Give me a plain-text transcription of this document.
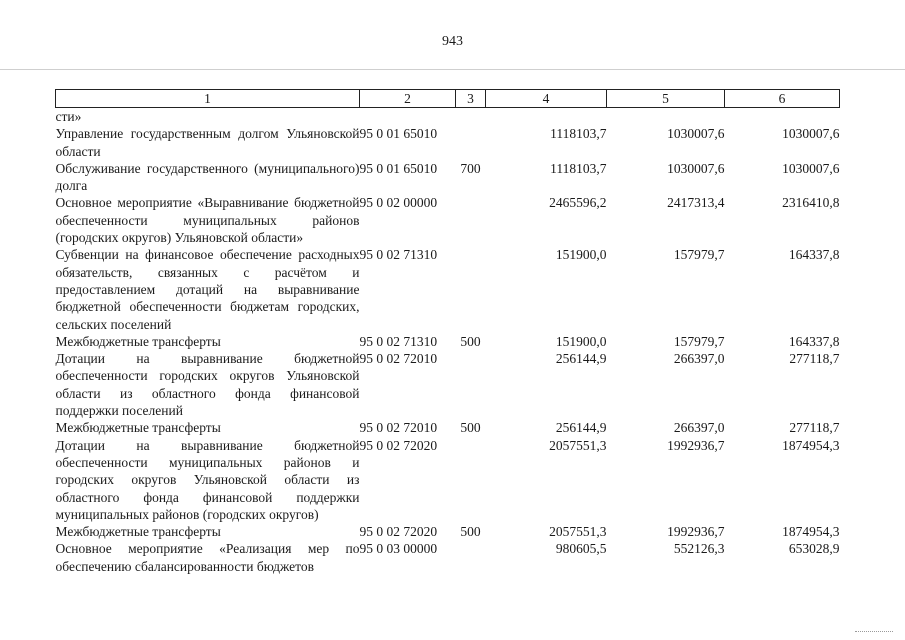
943
1	2	3	4	5	6
сти»					
Управление государственным долгом Ульяновской области	95 0 01 65010		1118103,7	1030007,6	1030007,6
Обслуживание государственного (муниципального) долга	95 0 01 65010	700	1118103,7	1030007,6	1030007,6
Основное мероприятие «Выравнивание бюджетной обеспеченности муниципальных районов (городских округов) Ульяновской области»	95 0 02 00000		2465596,2	2417313,4	2316410,8
Субвенции на финансовое обеспечение расходных обязательств, связанных с расчётом и предоставлением дотаций на выравнивание бюджетной обеспеченности бюджетам городских, сельских поселений	95 0 02 71310		151900,0	157979,7	164337,8
Межбюджетные трансферты	95 0 02 71310	500	151900,0	157979,7	164337,8
Дотации на выравнивание бюджетной обеспеченности городских округов Ульяновской области из областного фонда финансовой поддержки поселений	95 0 02 72010		256144,9	266397,0	277118,7
Межбюджетные трансферты	95 0 02 72010	500	256144,9	266397,0	277118,7
Дотации на выравнивание бюджетной обеспеченности муниципальных районов и городских округов Ульяновской области из областного фонда финансовой поддержки муниципальных районов (городских округов)	95 0 02 72020		2057551,3	1992936,7	1874954,3
Межбюджетные трансферты	95 0 02 72020	500	2057551,3	1992936,7	1874954,3
Основное мероприятие «Реализация мер по обеспечению сбалансированности бюджетов	95 0 03 00000		980605,5	552126,3	653028,9
